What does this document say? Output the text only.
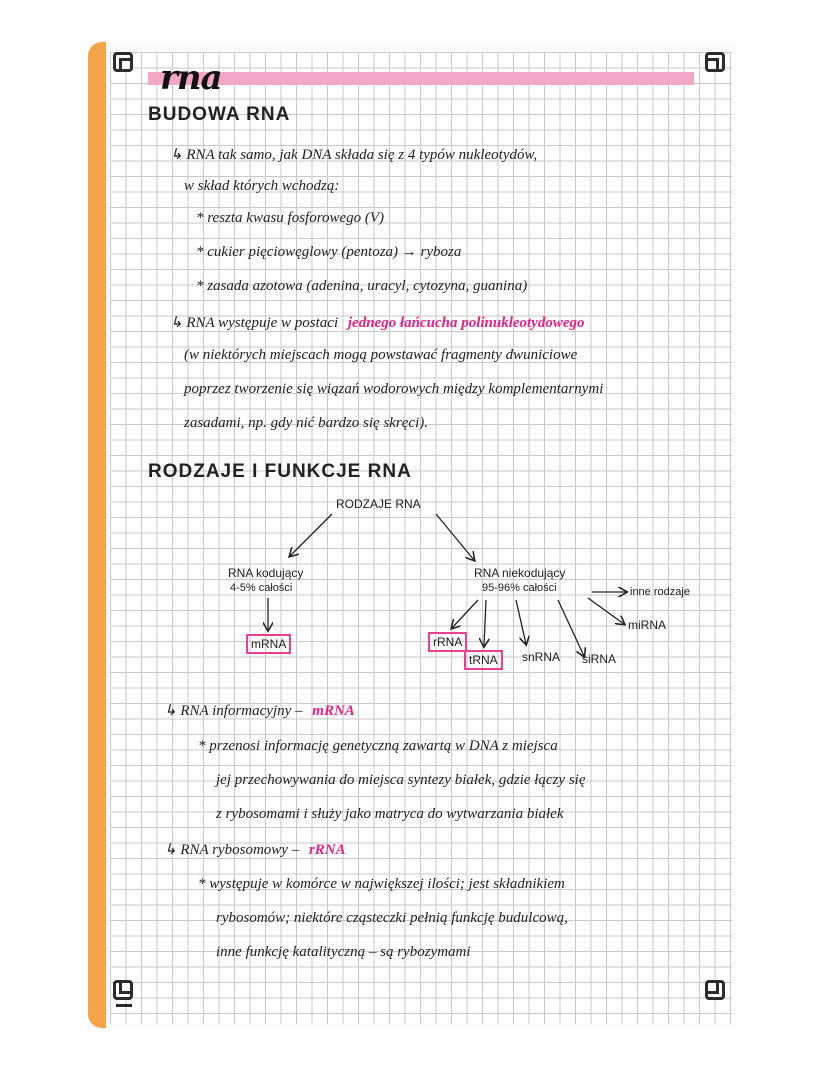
rna
BUDOWA RNA
↳ RNA tak samo, jak DNA składa się z 4 typów nukleotydów,
w skład których wchodzą:
* reszta kwasu fosforowego (V)
* cukier pięciowęglowy (pentoza) → ryboza
* zasada azotowa (adenina, uracyl, cytozyna, guanina)
↳ RNA występuje w postaci jednego łańcucha polinukleotydowego
(w niektórych miejscach mogą powstawać fragmenty dwuniciowe
poprzez tworzenie się wiązań wodorowych między komplementarnymi
zasadami, np. gdy nić bardzo się skręci).
RODZAJE I FUNKCJE RNA
RODZAJE RNA
RNA kodujący
4-5% całości
mRNA
RNA niekodujący
95-96% całości	inne rodzaje
miRNA
rRNA
tRNA	snRNA siRNA
↳ RNA informacyjny – mRNA
* przenosi informację genetyczną zawartą w DNA z miejsca
jej przechowywania do miejsca syntezy białek, gdzie łączy się
z rybosomami i służy jako matryca do wytwarzania białek
↳ RNA rybosomowy – rRNA
* występuje w komórce w największej ilości; jest składnikiem
rybosomów; niektóre cząsteczki pełnią funkcję budulcową,
inne funkcję katalityczną – są rybozymami
